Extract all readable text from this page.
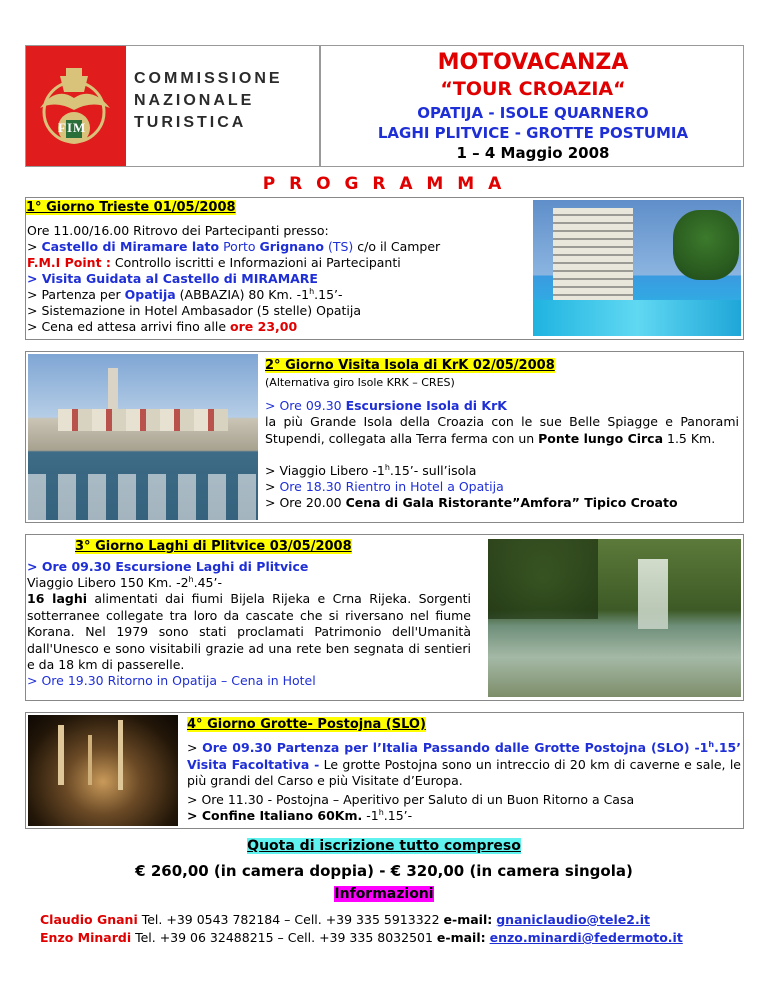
FIM
COMMISSIONE
NAZIONALE
TURISTICA
MOTOVACANZA
“TOUR CROAZIA“
OPATIJA - ISOLE QUARNERO
LAGHI PLITVICE - GROTTE POSTUMIA
1 – 4 Maggio 2008
P R O G R A M M A
1° Giorno Trieste 01/05/2008
Ore 11.00/16.00 Ritrovo dei Partecipanti presso:
> Castello di Miramare lato Porto Grignano (TS) c/o il Camper
F.M.I Point : Controllo iscritti e Informazioni ai Partecipanti
> Visita Guidata al Castello di MIRAMARE
> Partenza per Opatija (ABBAZIA) 80 Km. $-1^h.15’-$
> Sistemazione in Hotel Ambasador (5 stelle) Opatija
> Cena ed attesa arrivi fino alle ore 23,00
2° Giorno Visita Isola di KrK 02/05/2008
(Alternativa giro Isole KRK – CRES)
> Ore 09.30 Escursione Isola di KrK
la più Grande Isola della Croazia con le sue Belle Spiagge e Panorami Stupendi, collegata alla Terra ferma con un Ponte lungo Circa 1.5 Km.
> Viaggio Libero -1$^h$.15’- sull’isola
> Ore 18.30 Rientro in Hotel a Opatija
> Ore 20.00 Cena di Gala Ristorante”Amfora” Tipico Croato
3° Giorno Laghi di Plitvice 03/05/2008
> Ore 09.30 Escursione Laghi di Plitvice
Viaggio Libero 150 Km. -2$^h$.45’-
16 laghi alimentati dai fiumi Bijela Rijeka e Crna Rijeka. Sorgenti sotterranee collegate tra loro da cascate che si riversano nel fiume Korana. Nel 1979 sono stati proclamati Patrimonio dell'Umanità dall'Unesco e sono visitabili grazie ad una rete ben segnata di sentieri e da 18 km di passerelle.
> Ore 19.30 Ritorno in Opatija – Cena in Hotel
4° Giorno Grotte- Postojna (SLO)
> Ore 09.30 Partenza per l’Italia Passando dalle Grotte Postojna (SLO) -1$^h$.15’ Visita Facoltativa - Le grotte Postojna sono un intreccio di 20 km di caverne e sale, le più grandi del Carso e più Visitate d’Europa.
> Ore 11.30 - Postojna – Aperitivo per Saluto di un Buon Ritorno a Casa
> Confine Italiano 60Km. -1$^h$.15’-
Quota di iscrizione tutto compreso
€ 260,00 (in camera doppia) - € 320,00 (in camera singola)
Informazioni
Claudio Gnani Tel. +39 0543 782184 – Cell. +39 335 5913322 e-mail: gnaniclaudio@tele2.it
Enzo Minardi Tel. +39 06 32488215 – Cell. +39 335 8032501 e-mail: enzo.minardi@federmoto.it
